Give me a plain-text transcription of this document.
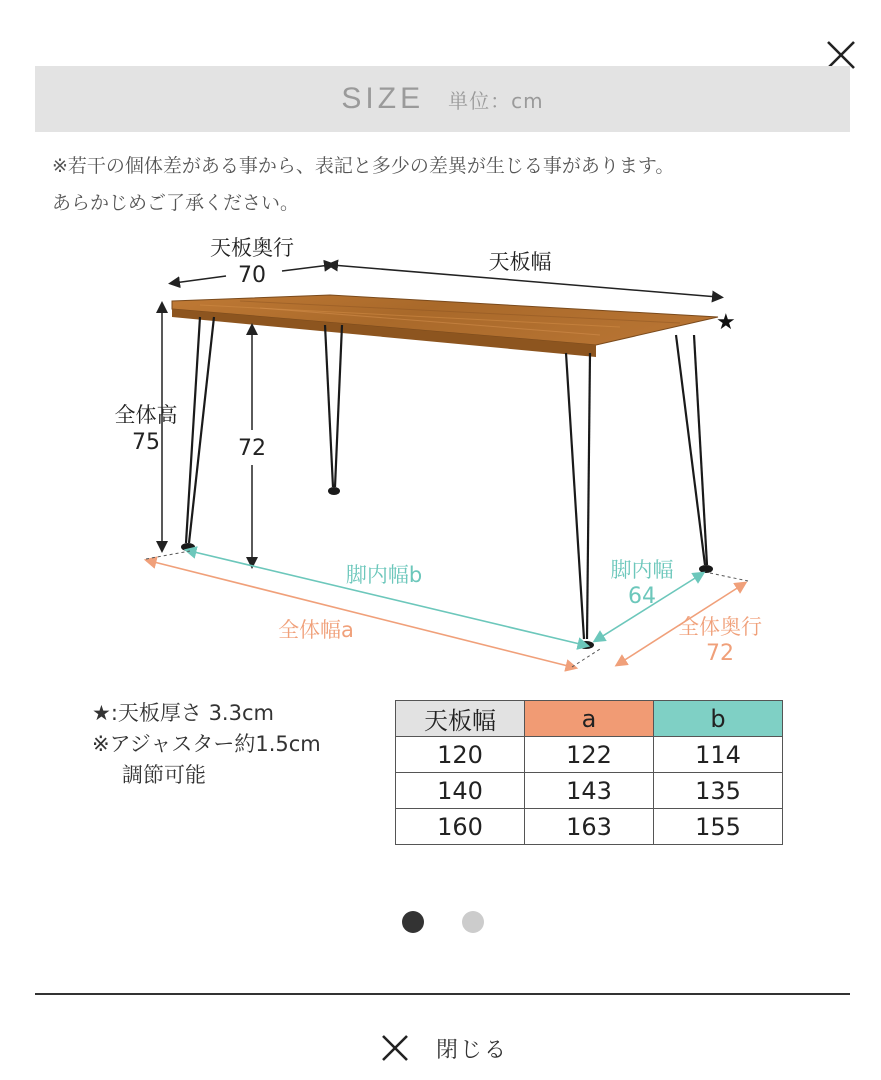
SIZE 単位：cm
※若干の個体差がある事から、表記と多少の差異が生じる事があります。
あらかじめご了承ください。
★
天板奥行
70
天板幅
全体高
75	72
脚内幅b
全体幅a
脚内幅
64
全体奥行
72
★:天板厚さ 3.3cm
※アジャスター約1.5cm
調節可能
天板幅	a	b
120	122	114
140	143	135
160	163	155
閉じる
